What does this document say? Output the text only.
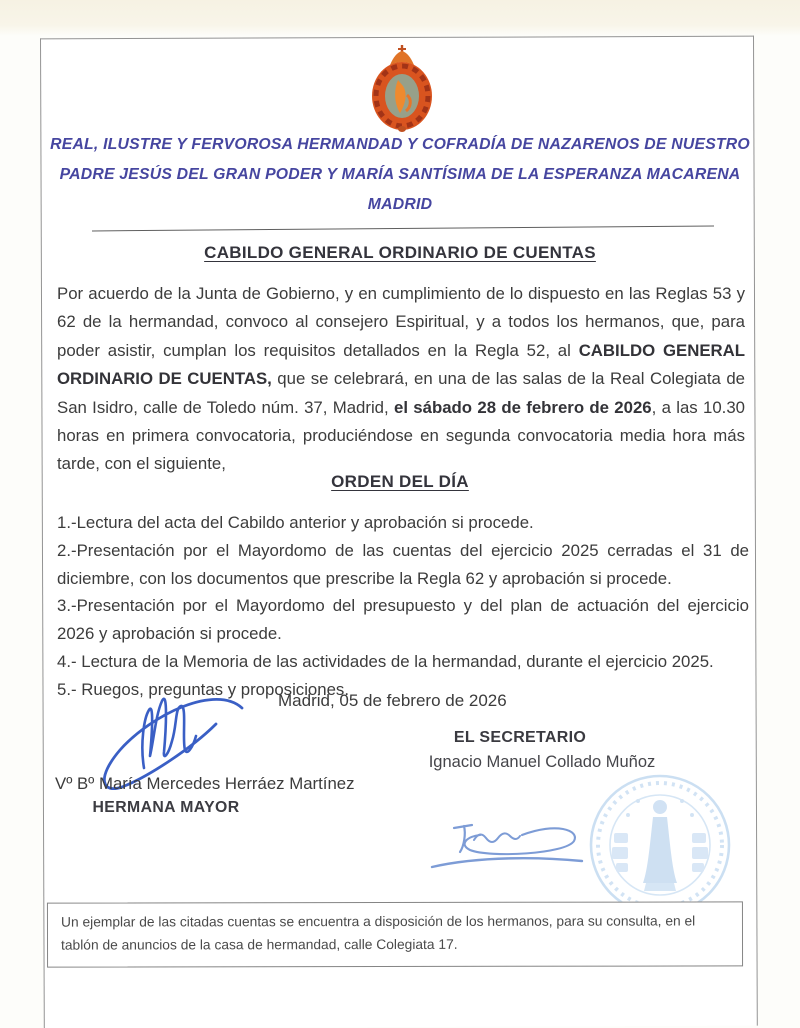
REAL, ILUSTRE Y FERVOROSA HERMANDAD Y COFRADÍA DE NAZARENOS DE NUESTRO
PADRE JESÚS DEL GRAN PODER Y MARÍA SANTÍSIMA DE LA ESPERANZA MACARENA
MADRID
CABILDO GENERAL ORDINARIO DE CUENTAS
Por acuerdo de la Junta de Gobierno, y en cumplimiento de lo dispuesto en las Reglas 53 y 62 de la hermandad, convoco al consejero Espiritual, y a todos los hermanos, que, para poder asistir, cumplan los requisitos detallados en la Regla 52, al CABILDO GENERAL ORDINARIO DE CUENTAS, que se celebrará, en una de las salas de la Real Colegiata de San Isidro, calle de Toledo núm. 37, Madrid, el sábado 28 de febrero de 2026, a las 10.30 horas en primera convocatoria, produciéndose en segunda convocatoria media hora más tarde, con el siguiente,
ORDEN DEL DÍA
1.-Lectura del acta del Cabildo anterior y aprobación si procede.
2.-Presentación por el Mayordomo de las cuentas del ejercicio 2025 cerradas el 31 de diciembre, con los documentos que prescribe la Regla 62 y aprobación si procede.
3.-Presentación por el Mayordomo del presupuesto y del plan de actuación del ejercicio 2026 y aprobación si procede.
4.- Lectura de la Memoria de las actividades de la hermandad, durante el ejercicio 2025.
5.- Ruegos, preguntas y proposiciones.
Madrid, 05 de febrero de 2026
EL SECRETARIO
Ignacio Manuel Collado Muñoz
Vº Bº María Mercedes Herráez Martínez
HERMANA MAYOR
Un ejemplar de las citadas cuentas se encuentra a disposición de los hermanos, para su consulta, en el tablón de anuncios de la casa de hermandad, calle Colegiata 17.
